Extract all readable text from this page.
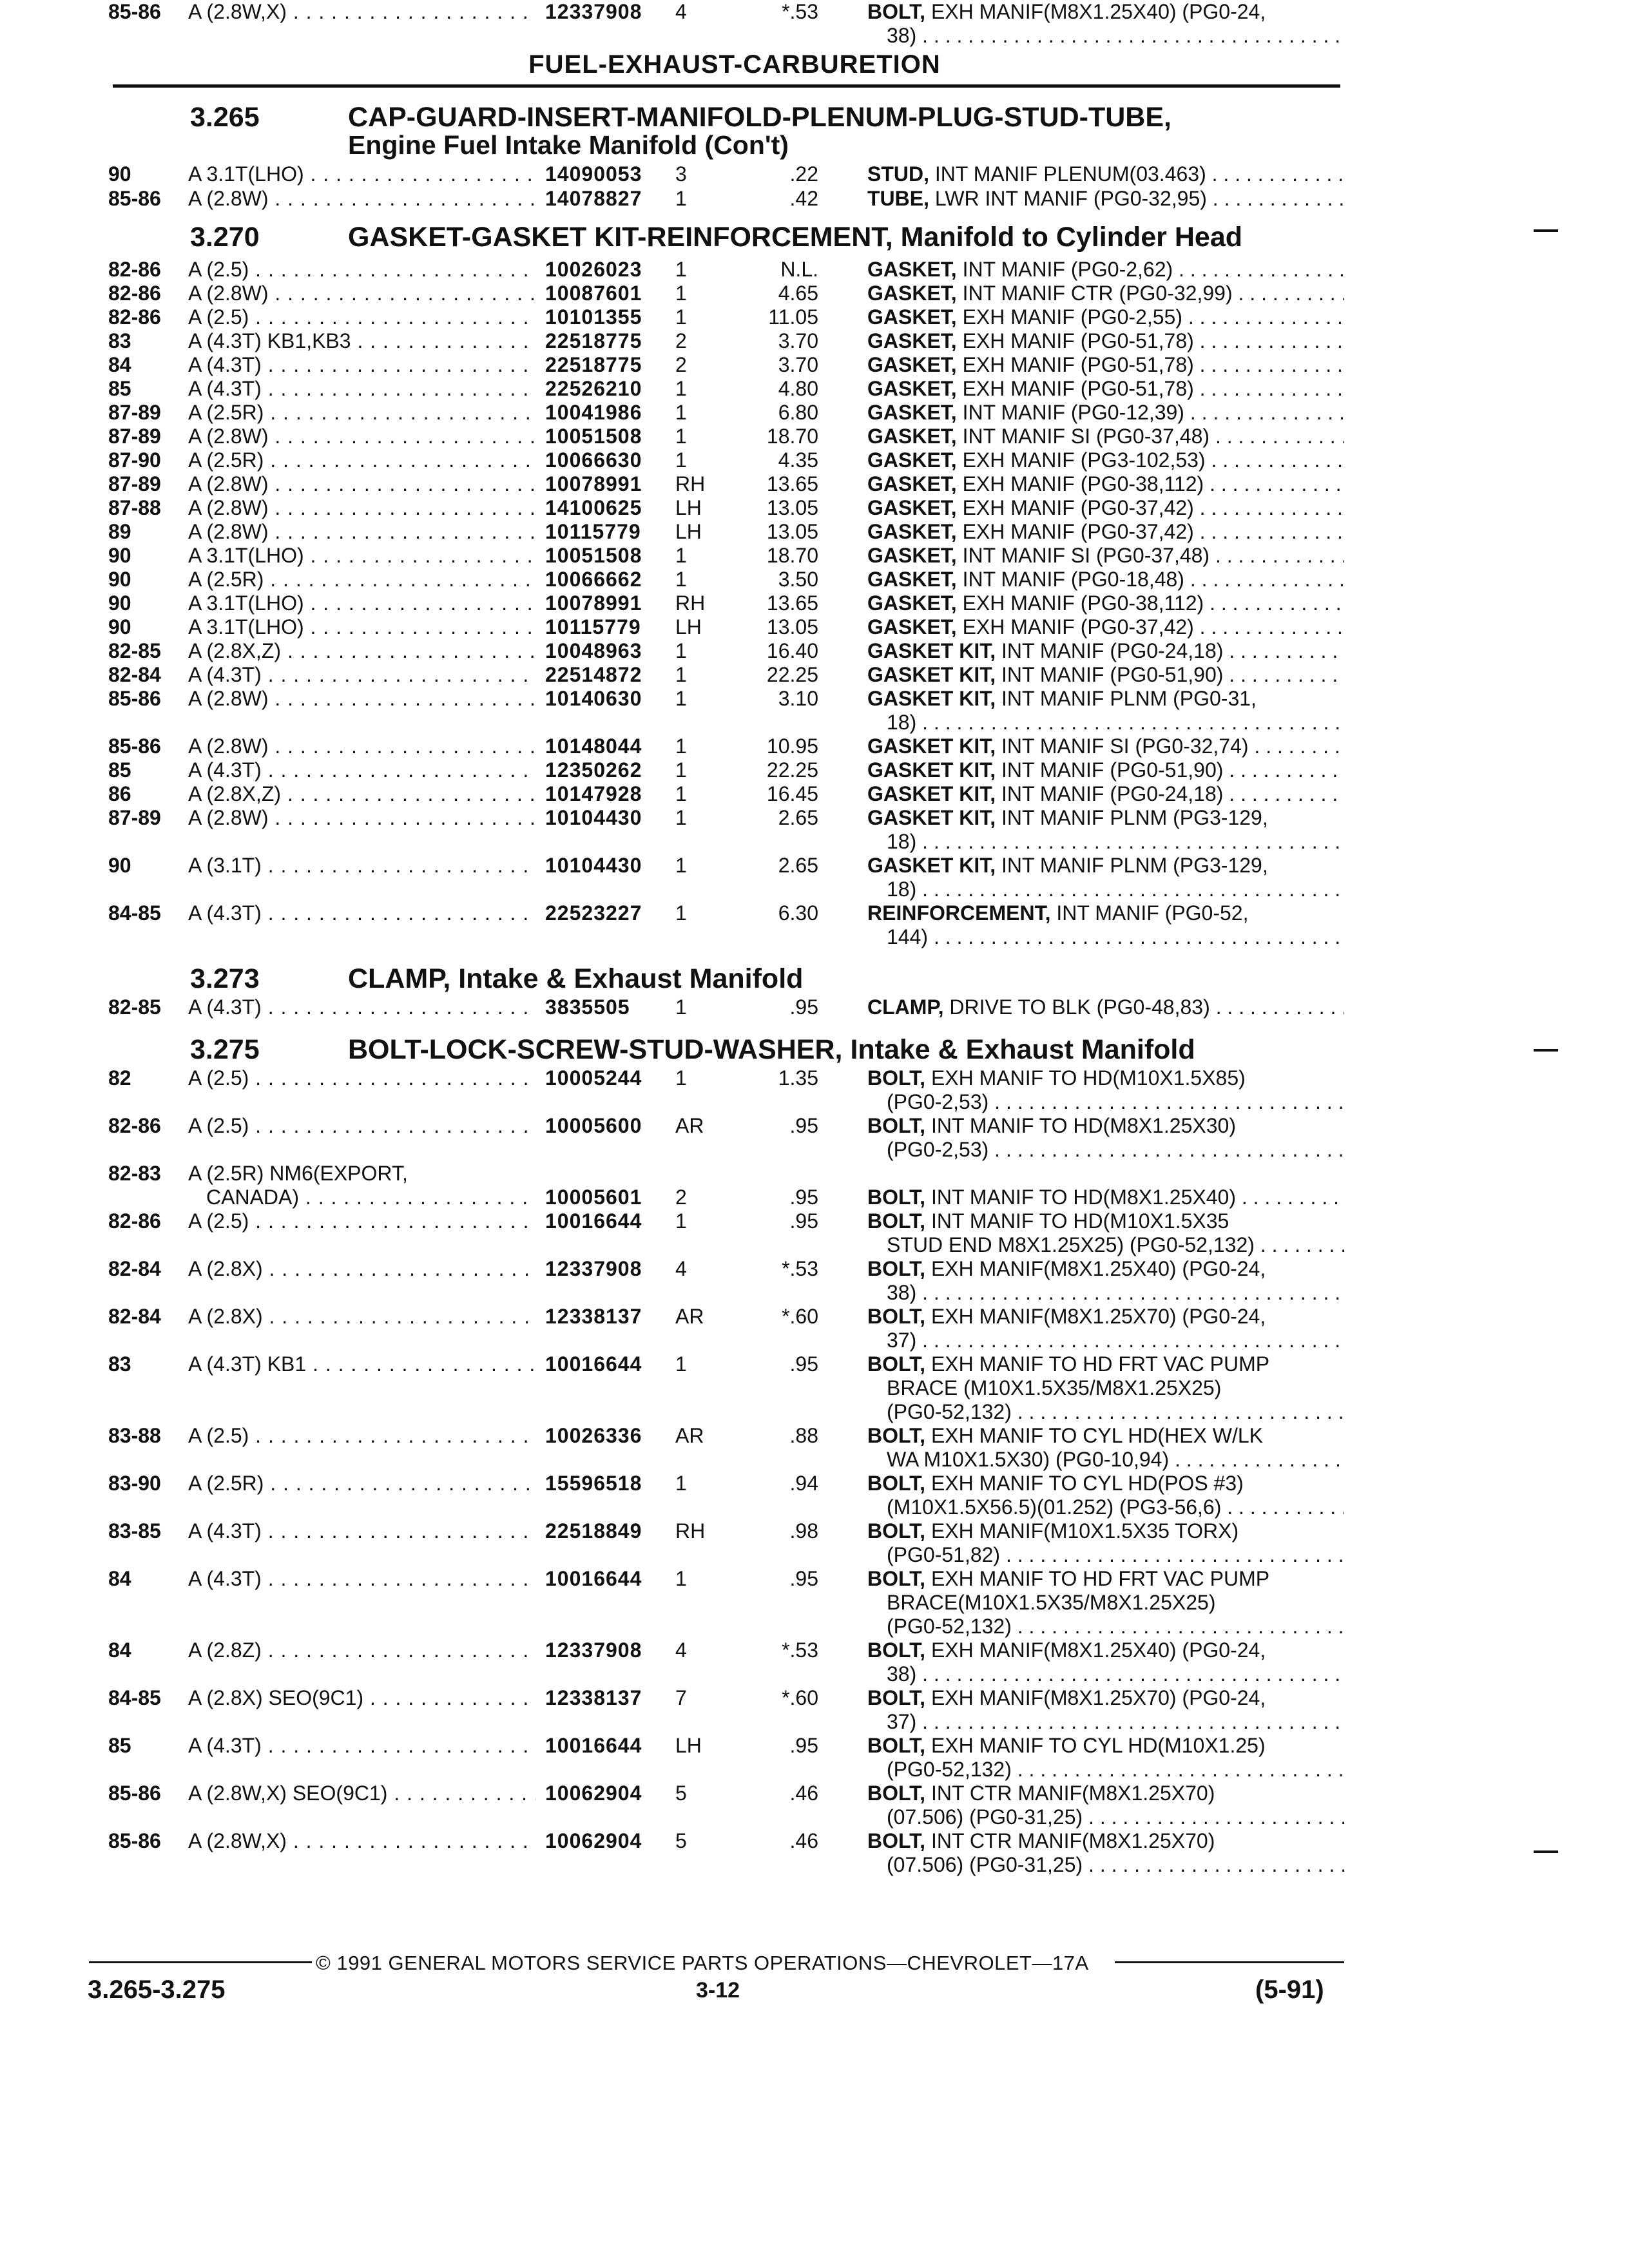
FUEL-EXHAUST-CARBURETION
3.265	CAP-GUARD-INSERT-MANIFOLD-PLENUM-PLUG-STUD-TUBE,
Engine Fuel Intake Manifold (Con't)
3.270	GASKET-GASKET KIT-REINFORCEMENT, Manifold to Cylinder Head
3.273	CLAMP, Intake & Exhaust Manifold
3.275	BOLT-LOCK-SCREW-STUD-WASHER, Intake & Exhaust Manifold
90	A 3.1T(LHO) . . .	14090053 3	.22 STUD, INT MANIF PLENUM(03.463) . . .
85-86 A (2.8W) . . .	14078827 1	.42 TUBE, LWR INT MANIF (PG0-32,95) . . .
82-86 A (2.5) . . .	10026023 1	N.L. GASKET, INT MANIF (PG0-2,62) . . .
82-86 A (2.8W) . . .	10087601 1	4.65 GASKET, INT MANIF CTR (PG0-32,99) . . .
82-86 A (2.5) . . .	10101355 1	11.05 GASKET, EXH MANIF (PG0-2,55) . . .
83	A (4.3T) KB1,KB3 . . .	22518775 2	3.70 GASKET, EXH MANIF (PG0-51,78) . . .
84	A (4.3T) . . .	22518775 2	3.70 GASKET, EXH MANIF (PG0-51,78) . . .
85	A (4.3T) . . .	22526210 1	4.80 GASKET, EXH MANIF (PG0-51,78) . . .
87-89 A (2.5R) . . .	10041986 1	6.80 GASKET, INT MANIF (PG0-12,39) . . .
87-89 A (2.8W) . . .	10051508 1	18.70 GASKET, INT MANIF SI (PG0-37,48) . . .
87-90 A (2.5R) . . .	10066630 1	4.35 GASKET, EXH MANIF (PG3-102,53) . . .
87-89 A (2.8W) . . .	10078991 RH	13.65 GASKET, EXH MANIF (PG0-38,112) . . .
87-88 A (2.8W) . . .	14100625 LH	13.05 GASKET, EXH MANIF (PG0-37,42) . . .
89	A (2.8W) . . .	10115779 LH	13.05 GASKET, EXH MANIF (PG0-37,42) . . .
90	A 3.1T(LHO) . . .	10051508 1	18.70 GASKET, INT MANIF SI (PG0-37,48) . . .
90	A (2.5R) . . .	10066662 1	3.50 GASKET, INT MANIF (PG0-18,48) . . .
90	A 3.1T(LHO) . . .	10078991 RH	13.65 GASKET, EXH MANIF (PG0-38,112) . . .
90	A 3.1T(LHO) . . .	10115779 LH	13.05 GASKET, EXH MANIF (PG0-37,42) . . .
82-85 A (2.8X,Z) . . .	10048963 1	16.40 GASKET KIT, INT MANIF (PG0-24,18) . . .
82-84 A (4.3T) . . .	22514872 1	22.25 GASKET KIT, INT MANIF (PG0-51,90) . . .
85-86 A (2.8W) . . .	10140630 1	3.10 GASKET KIT, INT MANIF PLNM (PG0-31,
18) . . .
85-86 A (2.8W) . . .	10148044 1	10.95 GASKET KIT, INT MANIF SI (PG0-32,74) . . .
85	A (4.3T) . . .	12350262 1	22.25 GASKET KIT, INT MANIF (PG0-51,90) . . .
86	A (2.8X,Z) . . .	10147928 1	16.45 GASKET KIT, INT MANIF (PG0-24,18) . . .
87-89 A (2.8W) . . .	10104430 1	2.65 GASKET KIT, INT MANIF PLNM (PG3-129,
18) . . .
90	A (3.1T) . . .	10104430 1	2.65 GASKET KIT, INT MANIF PLNM (PG3-129,
18) . . .
84-85 A (4.3T) . . .	22523227 1	6.30 REINFORCEMENT, INT MANIF (PG0-52,
144) . . .
82-85 A (4.3T) . . .	3835505 1	.95 CLAMP, DRIVE TO BLK (PG0-48,83) . . .
82	A (2.5) . . .	10005244 1	1.35 BOLT, EXH MANIF TO HD(M10X1.5X85)
(PG0-2,53) . . .
82-86 A (2.5) . . .	10005600 AR	.95 BOLT, INT MANIF TO HD(M8X1.25X30)
(PG0-2,53) . . .
82-83 A (2.5R) NM6(EXPORT,
CANADA) . . .	10005601 2	.95 BOLT, INT MANIF TO HD(M8X1.25X40) . . .
82-86 A (2.5) . . .	10016644 1	.95 BOLT, INT MANIF TO HD(M10X1.5X35
STUD END M8X1.25X25) (PG0-52,132) . . .
82-84 A (2.8X) . . .	12337908 4	*.53 BOLT, EXH MANIF(M8X1.25X40) (PG0-24,
38) . . .
82-84 A (2.8X) . . .	12338137 AR	*.60 BOLT, EXH MANIF(M8X1.25X70) (PG0-24,
37) . . .
83	A (4.3T) KB1 . . .	10016644 1	.95 BOLT, EXH MANIF TO HD FRT VAC PUMP
BRACE (M10X1.5X35/M8X1.25X25)
(PG0-52,132) . . .
83-88 A (2.5) . . .	10026336 AR	.88 BOLT, EXH MANIF TO CYL HD(HEX W/LK
WA M10X1.5X30) (PG0-10,94) . . .
83-90 A (2.5R) . . .	15596518 1	.94 BOLT, EXH MANIF TO CYL HD(POS #3)
(M10X1.5X56.5)(01.252) (PG3-56,6) . . .
83-85 A (4.3T) . . .	22518849 RH	.98 BOLT, EXH MANIF(M10X1.5X35 TORX)
(PG0-51,82) . . .
84	A (4.3T) . . .	10016644 1	.95 BOLT, EXH MANIF TO HD FRT VAC PUMP
BRACE(M10X1.5X35/M8X1.25X25)
(PG0-52,132) . . .
84	A (2.8Z) . . .	12337908 4	*.53 BOLT, EXH MANIF(M8X1.25X40) (PG0-24,
38) . . .
84-85 A (2.8X) SEO(9C1) . . .	12338137 7	*.60 BOLT, EXH MANIF(M8X1.25X70) (PG0-24,
37) . . .
85	A (4.3T) . . .	10016644 LH	.95 BOLT, EXH MANIF TO CYL HD(M10X1.25)
(PG0-52,132) . . .
85-86 A (2.8W,X) SEO(9C1) . . .	10062904 5	.46 BOLT, INT CTR MANIF(M8X1.25X70)
(07.506) (PG0-31,25) . . .
85-86 A (2.8W,X) . . .	10062904 5	.46 BOLT, INT CTR MANIF(M8X1.25X70)
(07.506) (PG0-31,25) . . .
85-86 A (2.8W,X) . . .	12337908 4	*.53 BOLT, EXH MANIF(M8X1.25X40) (PG0-24,
38) . . .
© 1991 GENERAL MOTORS SERVICE PARTS OPERATIONS—CHEVROLET—17A
3.265-3.275	3-12	(5-91)
